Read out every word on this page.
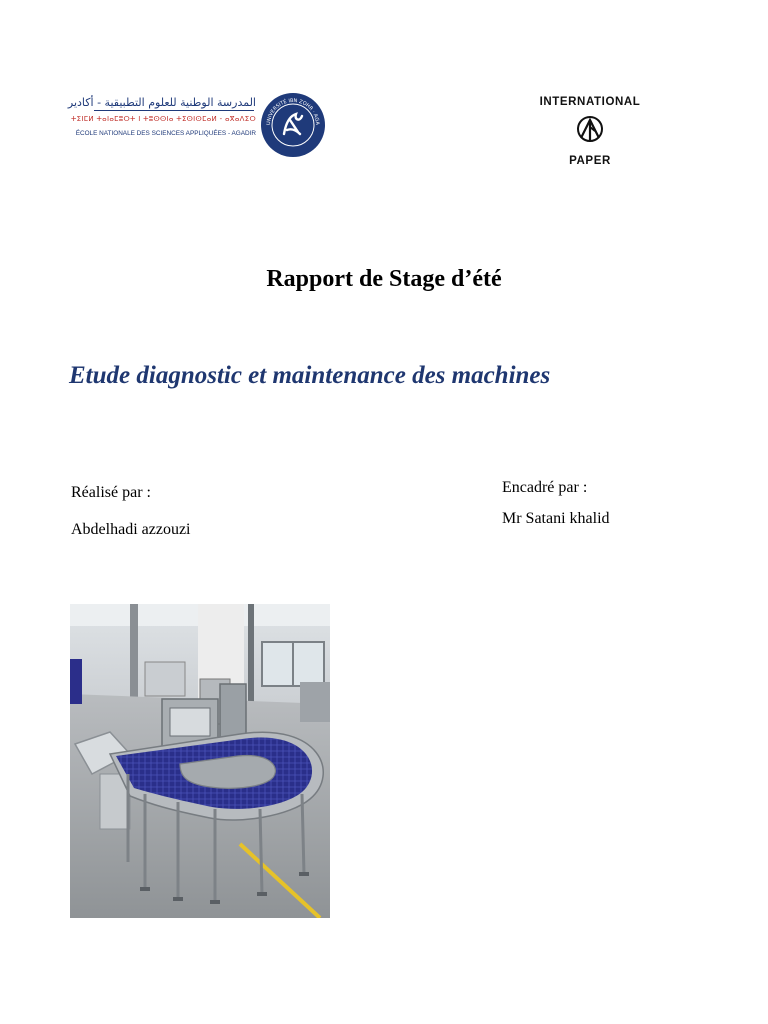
المدرسة الوطنية للعلوم التطبيقية - أكادير
ⵜⵉⵏⵎⵍ ⵜⴰⵏⴰⵎⵓⵔⵜ ⵏ ⵜⵓⵙⵙⵏⴰ ⵜⵉⵙⵏⵙⵎⴰⵍ - ⴰⴳⴰⴷⵉⵔ
ÉCOLE NATIONALE DES SCIENCES APPLIQUÉES - AGADIR
UNIVERSITÉ IBN ZOHR · AGA
INTERNATIONAL
PAPER
Rapport de Stage d’été
Etude diagnostic et maintenance des machines
Réalisé par :
Abdelhadi azzouzi
Encadré par :
Mr Satani khalid
